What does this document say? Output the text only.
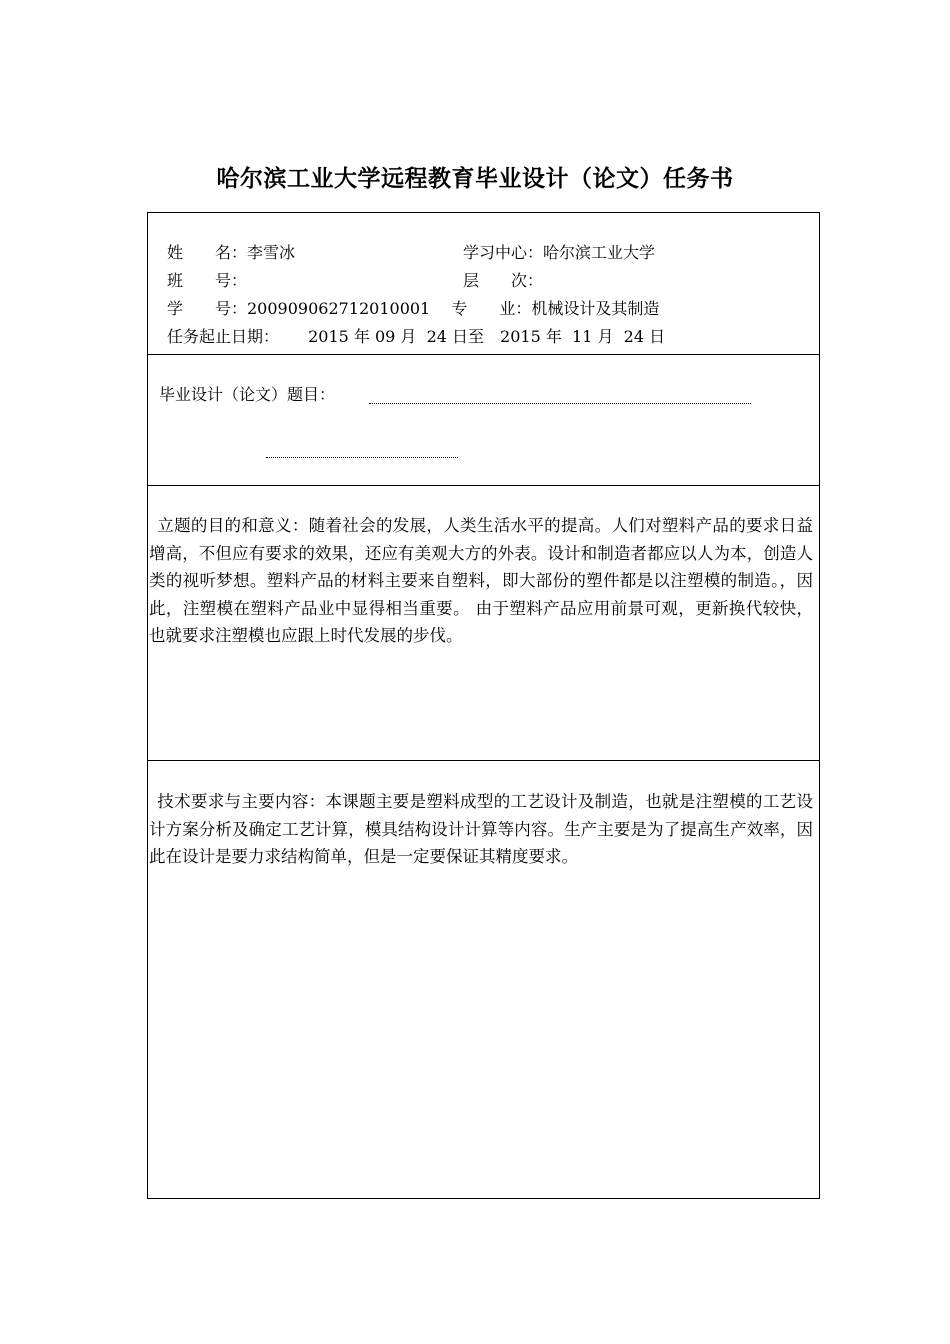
哈尔滨工业大学远程教育毕业设计（论文）任务书
姓　　名：李雪冰	学习中心：哈尔滨工业大学
班　　号：	层　　次：
学　　号：200909062712010001　 专　　业：机械设计及其制造
任务起止日期：　　 2015 年 09 月  24 日至　2015 年  11 月  24 日
毕业设计（论文）题目：

立题的目的和意义：随着社会的发展，人类生活水平的提高。人们对塑料产品的要求日益增高，不但应有要求的效果，还应有美观大方的外表。设计和制造者都应以人为本，创造人类的视听梦想。塑料产品的材料主要来自塑料，即大部份的塑件都是以注塑模的制造。，因此，注塑模在塑料产品业中显得相当重要。 由于塑料产品应用前景可观，更新换代较快，也就要求注塑模也应跟上时代发展的步伐。

技术要求与主要内容：本课题主要是塑料成型的工艺设计及制造，也就是注塑模的工艺设计方案分析及确定工艺计算，模具结构设计计算等内容。生产主要是为了提高生产效率，因此在设计是要力求结构简单，但是一定要保证其精度要求。
